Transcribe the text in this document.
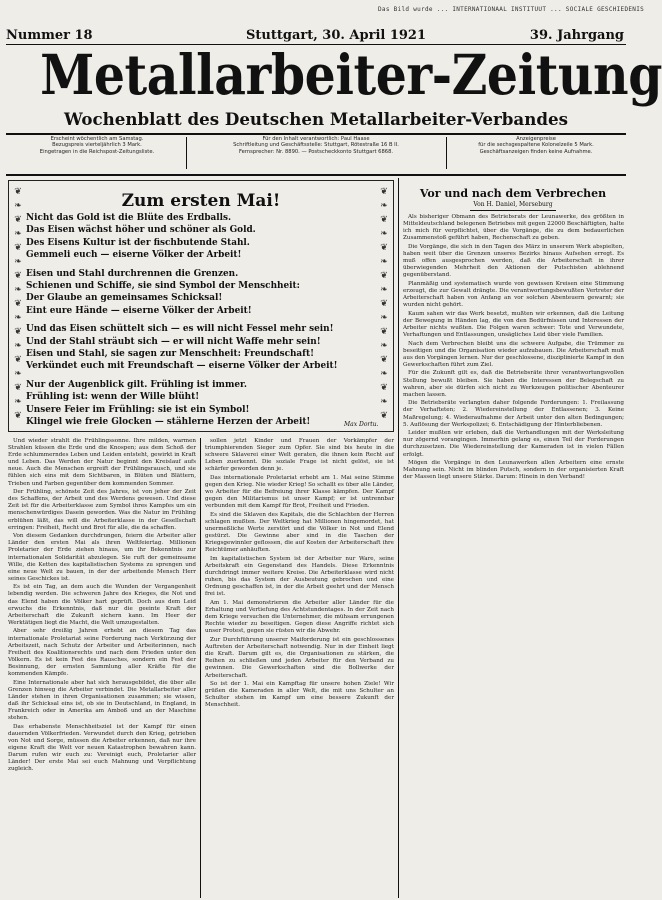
Das Bild wurde ... INTERNATIONAAL INSTITUUT ... SOCIALE GESCHIEDENIS
Nummer 18	Stuttgart, 30. April 1921	39. Jahrgang
Metallarbeiter-Zeitung
Wochenblatt des Deutschen Metallarbeiter-Verbandes
Erscheint wöchentlich am Samstag.
Bezugspreis vierteljährlich 3 Mark.
Eingetragen in die Reichspost-Zeitungsliste.
Für den Inhalt verantwortlich: Paul Haase
Schriftleitung und Geschäftsstelle: Stuttgart, Rötestraße 16 B II.
Fernsprecher: Nr. 8890. — Postscheckkonto Stuttgart 6868.
Anzeigenpreise
für die sechsgespaltene Kolonelzeile 5 Mark.
Geschäftsanzeigen finden keine Aufnahme.
❦
❧
❦
❧
❦
❧
❦
❧
❦
❧
❦
❧
❦
❧
❦
❧
❦
❦
❧
❦
❧
❦
❧
❦
❧
❦
❧
❦
❧
❦
❧
❦
❧
❦
Zum ersten Mai!
Nicht das Gold ist die Blüte des Erdballs.
Das Eisen wächst höher und schöner als Gold.
Des Eisens Kultur ist der fischbutende Stahl.
Gemmeli euch — eiserne Völker der Arbeit!
Eisen und Stahl durchrennen die Grenzen.
Schienen und Schiffe, sie sind Symbol der Menschheit:
Der Glaube an gemeinsames Schicksal!
Eint eure Hände — eiserne Völker der Arbeit!
Und das Eisen schüttelt sich — es will nicht Fessel mehr sein!
Und der Stahl sträubt sich — er will nicht Waffe mehr sein!
Eisen und Stahl, sie sagen zur Menschheit: Freundschaft!
Verkündet euch mit Freundschaft — eiserne Völker der Arbeit!
Nur der Augenblick gilt. Frühling ist immer.
Frühling ist: wenn der Wille blüht!
Unsere Feier im Frühling: sie ist ein Symbol!
Klingel wie freie Glocken — stählerne Herzen der Arbeit!	Max Dortu.
Vor und nach dem Verbrechen
Von H. Daniel, Merseburg

Als bisheriger Obmann des Betriebsrats der Leunawerke, des größten in Mitteldeutschland belegenen Betriebes mit gegen 22000 Beschäftigten, halte ich mich für verpflichtet, über die Vorgänge, die zu dem bedauerlichen Zusammenstoß geführt haben, Rechenschaft zu geben.

Die Vorgänge, die sich in den Tagen des März in unserem Werk abspielten, haben weit über die Grenzen unseres Bezirks hinaus Aufsehen erregt. Es muß offen ausgesprochen werden, daß die Arbeiterschaft in ihrer überwiegenden Mehrheit den Aktionen der Putschisten ablehnend gegenüberstand.

Planmäßig und systematisch wurde von gewissen Kreisen eine Stimmung erzeugt, die zur Gewalt drängte. Die verantwortungsbewußten Vertreter der Arbeiterschaft haben von Anfang an vor solchen Abenteuern gewarnt; sie wurden nicht gehört.

Kaum sahen wir das Werk besetzt, mußten wir erkennen, daß die Leitung der Bewegung in Händen lag, die von den Bedürfnissen und Interessen der Arbeiter nichts wußten. Die Folgen waren schwer: Tote und Verwundete, Verhaftungen und Entlassungen, unsägliches Leid über viele Familien.

Nach dem Verbrechen bleibt uns die schwere Aufgabe, die Trümmer zu beseitigen und die Organisation wieder aufzubauen. Die Arbeiterschaft muß aus den Vorgängen lernen. Nur der geschlossene, disziplinierte Kampf in den Gewerkschaften führt zum Ziel.

Für die Zukunft gilt es, daß die Betriebsräte ihrer verantwortungsvollen Stellung bewußt bleiben. Sie haben die Interessen der Belegschaft zu wahren, aber sie dürfen sich nicht zu Werkzeugen politischer Abenteurer machen lassen.

Die Betriebsräte verlangten daher folgende Forderungen: 1. Freilassung der Verhafteten; 2. Wiedereinstellung der Entlassenen; 3. Keine Maßregelung; 4. Wiederaufnahme der Arbeit unter den alten Bedingungen; 5. Auflösung der Werkspolizei; 6. Entschädigung der Hinterbliebenen.

Leider mußten wir erleben, daß die Verhandlungen mit der Werksleitung nur zögernd vorangingen. Immerhin gelang es, einen Teil der Forderungen durchzusetzen. Die Wiedereinstellung der Kameraden ist in vielen Fällen erfolgt.

Mögen die Vorgänge in den Leunawerken allen Arbeitern eine ernste Mahnung sein. Nicht im blinden Putsch, sondern in der organisierten Kraft der Massen liegt unsere Stärke. Darum: Hinein in den Verband!

Und wieder strahlt die Frühlingssonne. Ihre milden, warmen Strahlen küssen die Erde und die Knospen; aus dem Schoß der Erde schlummerndes Leben und Leiden entsteht, gewirkt in Kraft und Leben. Das Werden der Natur beginnt den Kreislauf aufs neue. Auch die Menschen ergreift der Frühlingsrausch, und sie fühlen sich eins mit dem Sichtbaren, in Blüten und Blättern, Trieben und Farben gegenüber dem kommenden Sommer.

Der Frühling, schönste Zeit des Jahres, ist von jeher der Zeit des Schaffens, der Arbeit und des Werdens gewesen. Und diese Zeit ist für die Arbeiterklasse zum Symbol ihres Kampfes um ein menschenwürdiges Dasein geworden. Was die Natur im Frühling erblühen läßt, das will die Arbeiterklasse in der Gesellschaft erringen: Freiheit, Recht und Brot für alle, die da schaffen.

Von diesem Gedanken durchdrungen, feiern die Arbeiter aller Länder den ersten Mai als ihren Weltfeiertag. Millionen Proletarier der Erde ziehen hinaus, um ihr Bekenntnis zur internationalen Solidarität abzulegen. Sie ruft der gemeinsame Wille, die Ketten des kapitalistischen Systems zu sprengen und eine neue Welt zu bauen, in der der arbeitende Mensch Herr seines Geschickes ist.

Es ist ein Tag, an dem auch die Wunden der Vergangenheit lebendig werden. Die schweren Jahre des Krieges, die Not und das Elend haben die Völker hart geprüft. Doch aus dem Leid erwuchs die Erkenntnis, daß nur die geeinte Kraft der Arbeiterschaft die Zukunft sichern kann. Im Heer der Werktätigen liegt die Macht, die Welt umzugestalten.

Aber sehr dreißig Jahren erhebt an diesem Tag das internationale Proletariat seine Forderung nach Verkürzung der Arbeitszeit, nach Schutz der Arbeiter und Arbeiterinnen, nach Freiheit des Koalitionsrechts und nach dem Frieden unter den Völkern. Es ist kein Fest des Rausches, sondern ein Fest der Besinnung, der ernsten Sammlung aller Kräfte für die kommenden Kämpfe.

Eine Internationale aber hat sich herausgebildet, die über alle Grenzen hinweg die Arbeiter verbindet. Die Metallarbeiter aller Länder stehen in ihren Organisationen zusammen; sie wissen, daß ihr Schicksal eins ist, ob sie in Deutschland, in England, in Frankreich oder in Amerika am Amboß und an der Maschine stehen.

Das erhabenste Menschheitsziel ist der Kampf für einen dauernden Völkerfrieden. Verwundet durch den Krieg, getrieben von Not und Sorge, müssen die Arbeiter erkennen, daß nur ihre eigene Kraft die Welt vor neuen Katastrophen bewahren kann. Darum rufen wir euch zu: Vereinigt euch, Proletarier aller Länder! Der erste Mai sei euch Mahnung und Verpflichtung zugleich.

sollen jetzt Kinder und Frauen der Vorkämpfer der triumphierenden Sieger zum Opfer. Sie sind bis heute in die schwere Sklaverei einer Welt geraten, die ihnen kein Recht auf Leben zuerkennt. Die soziale Frage ist nicht gelöst, sie ist schärfer geworden denn je.

Das internationale Proletariat erhebt am 1. Mai seine Stimme gegen den Krieg. Nie wieder Krieg! So schallt es über alle Länder, wo Arbeiter für die Befreiung ihrer Klasse kämpfen. Der Kampf gegen den Militarismus ist unser Kampf; er ist untrennbar verbunden mit dem Kampf für Brot, Freiheit und Frieden.

Es sind die Sklaven des Kapitals, die die Schlachten der Herren schlagen mußten. Der Weltkrieg hat Millionen hingemordet, hat unermeßliche Werte zerstört und die Völker in Not und Elend gestürzt. Die Gewinne aber sind in die Taschen der Kriegsgewinnler geflossen, die auf Kosten der Arbeiterschaft ihre Reichtümer anhäuften.

Im kapitalistischen System ist der Arbeiter nur Ware, seine Arbeitskraft ein Gegenstand des Handels. Diese Erkenntnis durchdringt immer weitere Kreise. Die Arbeiterklasse wird nicht ruhen, bis das System der Ausbeutung gebrochen und eine Ordnung geschaffen ist, in der die Arbeit geehrt und der Mensch frei ist.

Am 1. Mai demonstrieren die Arbeiter aller Länder für die Erhaltung und Vertiefung des Achtstundentages. In der Zeit nach dem Kriege versuchen die Unternehmer, die mühsam errungenen Rechte wieder zu beseitigen. Gegen diese Angriffe richtet sich unser Protest, gegen sie rüsten wir die Abwehr.

Zur Durchführung unserer Maiforderung ist ein geschlossenes Auftreten der Arbeiterschaft notwendig. Nur in der Einheit liegt die Kraft. Darum gilt es, die Organisationen zu stärken, die Reihen zu schließen und jeden Arbeiter für den Verband zu gewinnen. Die Gewerkschaften sind die Bollwerke der Arbeiterschaft.

So ist der 1. Mai ein Kampftag für unsere hohen Ziele! Wir grüßen die Kameraden in aller Welt, die mit uns Schulter an Schulter stehen im Kampf um eine bessere Zukunft der Menschheit.
